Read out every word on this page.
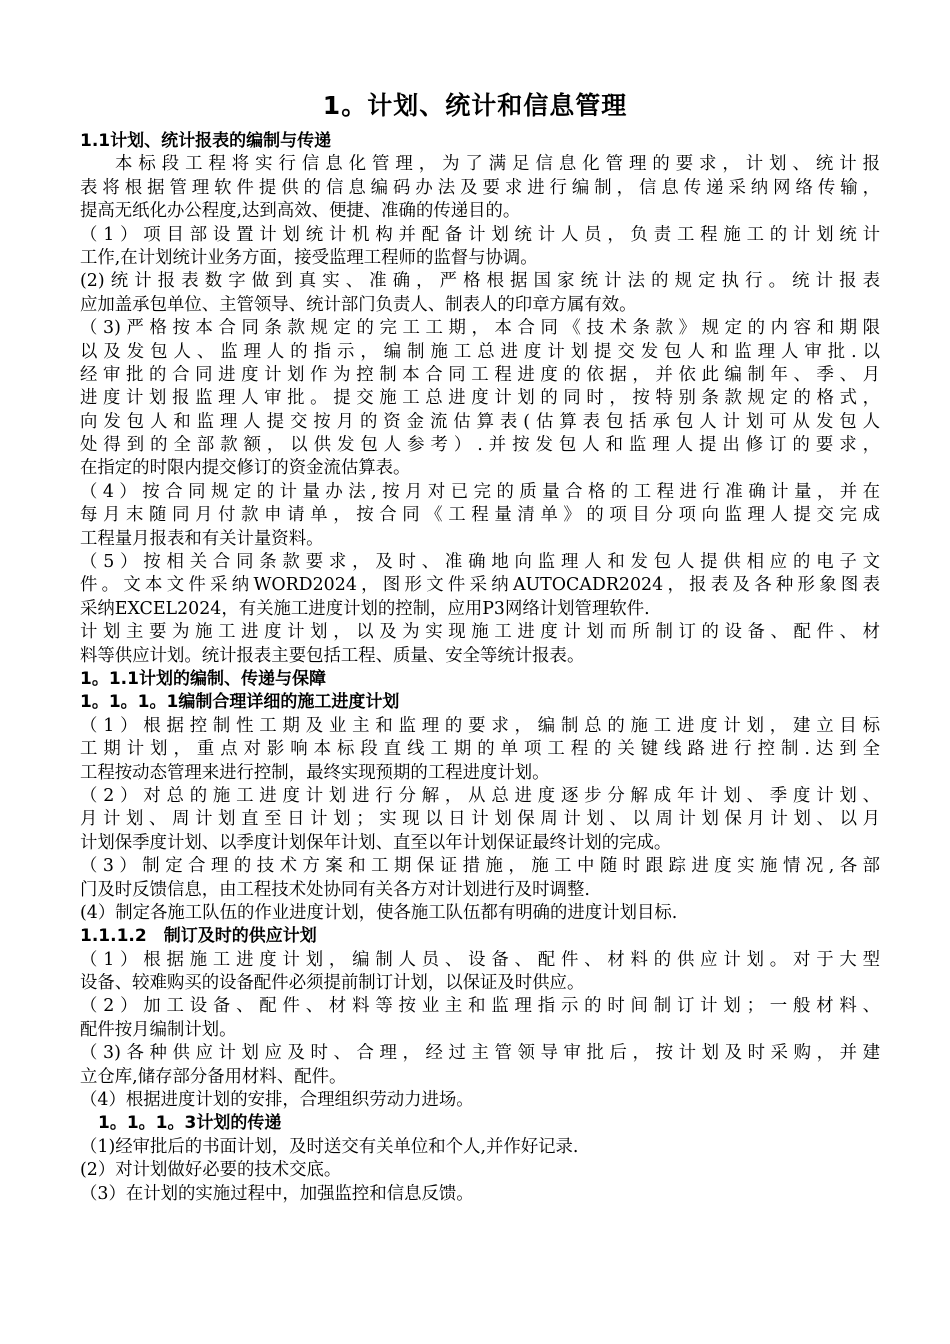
1。计划、统计和信息管理
1.1计划、统计报表的编制与传递
本标段工程将实行信息化管理，为了满足信息化管理的要求，计划、统计报
表将根据管理软件提供的信息编码办法及要求进行编制，信息传递采纳网络传输，
提高无纸化办公程度,达到高效、便捷、准确的传递目的。
（1）项目部设置计划统计机构并配备计划统计人员，负责工程施工的计划统计
工作,在计划统计业务方面，接受监理工程师的监督与协调。
(2)统计报表数字做到真实、准确，严格根据国家统计法的规定执行。统计报表
应加盖承包单位、主管领导、统计部门负责人、制表人的印章方属有效。
（3)严格按本合同条款规定的完工工期，本合同《技术条款》规定的内容和期限
以及发包人、监理人的指示，编制施工总进度计划提交发包人和监理人审批.以
经审批的合同进度计划作为控制本合同工程进度的依据，并依此编制年、季、月
进度计划报监理人审批。提交施工总进度计划的同时，按特别条款规定的格式，
向发包人和监理人提交按月的资金流估算表(估算表包括承包人计划可从发包人
处得到的全部款额，以供发包人参考）.并按发包人和监理人提出修订的要求，
在指定的时限内提交修订的资金流估算表。
（4）按合同规定的计量办法,按月对已完的质量合格的工程进行准确计量，并在
每月末随同月付款申请单，按合同《工程量清单》的项目分项向监理人提交完成
工程量月报表和有关计量资料。
（5）按相关合同条款要求，及时、准确地向监理人和发包人提供相应的电子文
件。文本文件采纳WORD2024，图形文件采纳AUTOCADR2024，报表及各种形象图表
采纳EXCEL2024，有关施工进度计划的控制，应用P3网络计划管理软件.
计划主要为施工进度计划，以及为实现施工进度计划而所制订的设备、配件、材
料等供应计划。统计报表主要包括工程、质量、安全等统计报表。
1。1.1计划的编制、传递与保障
1。1。1。1编制合理详细的施工进度计划
（1）根据控制性工期及业主和监理的要求，编制总的施工进度计划，建立目标
工期计划，重点对影响本标段直线工期的单项工程的关键线路进行控制.达到全
工程按动态管理来进行控制，最终实现预期的工程进度计划。
（2）对总的施工进度计划进行分解，从总进度逐步分解成年计划、季度计划、
月计划、周计划直至日计划；实现以日计划保周计划、以周计划保月计划、以月
计划保季度计划、以季度计划保年计划、直至以年计划保证最终计划的完成。
（3）制定合理的技术方案和工期保证措施，施工中随时跟踪进度实施情况,各部
门及时反馈信息，由工程技术处协同有关各方对计划进行及时调整.
(4）制定各施工队伍的作业进度计划，使各施工队伍都有明确的进度计划目标.
1.1.1.2　制订及时的供应计划
（1）根据施工进度计划，编制人员、设备、配件、材料的供应计划。对于大型
设备、较难购买的设备配件必须提前制订计划，以保证及时供应。
（2）加工设备、配件、材料等按业主和监理指示的时间制订计划；一般材料、
配件按月编制计划。
（3)各种供应计划应及时、合理，经过主管领导审批后，按计划及时采购，并建
立仓库,储存部分备用材料、配件。
（4）根据进度计划的安排，合理组织劳动力进场。
1。1。1。3计划的传递
（1)经审批后的书面计划，及时送交有关单位和个人,并作好记录.
(2）对计划做好必要的技术交底。
（3）在计划的实施过程中，加强监控和信息反馈。
